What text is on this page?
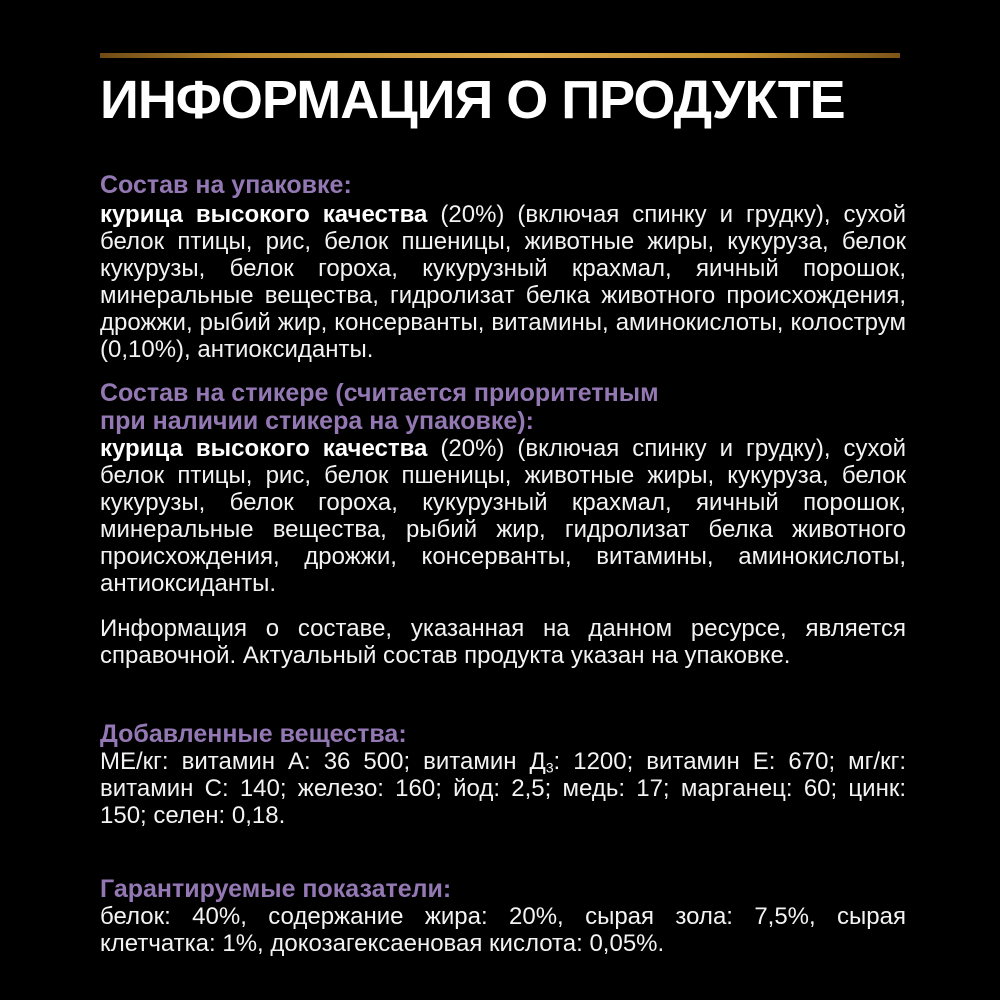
ИНФОРМАЦИЯ О ПРОДУКТЕ
Состав на упаковке:

курица высокого качества (20%) (включая спинку и грудку), сухой белок птицы, рис, белок пшеницы, животные жиры, кукуруза, белок кукурузы, белок гороха, кукурузный крахмал, яичный порошок, минеральные вещества, гидролизат белка животного происхождения, дрожжи, рыбий жир, консерванты, витамины, аминокислоты, колострум (0,10%), антиоксиданты.

Состав на стикере (считается приоритетным
при наличии стикера на упаковке):

курица высокого качества (20%) (включая спинку и грудку), сухой белок птицы, рис, белок пшеницы, животные жиры, кукуруза, белок кукурузы, белок гороха, кукурузный крахмал, яичный порошок, минеральные вещества, рыбий жир, гидролизат белка животного происхождения, дрожжи, консерванты, витамины, аминокислоты, антиоксиданты.

Информация о составе, указанная на данном ресурсе, является справочной. Актуальный состав продукта указан на упаковке.

Добавленные вещества:

МЕ/кг: витамин А: 36 500; витамин $Д_3$: 1200; витамин Е: 670; мг/кг: витамин С: 140; железо: 160; йод: 2,5; медь: 17; марганец: 60; цинк: 150; селен: 0,18.

Гарантируемые показатели:

белок: 40%, содержание жира: 20%, сырая зола: 7,5%, сырая клетчатка: 1%, докозагексаеновая кислота: 0,05%.
